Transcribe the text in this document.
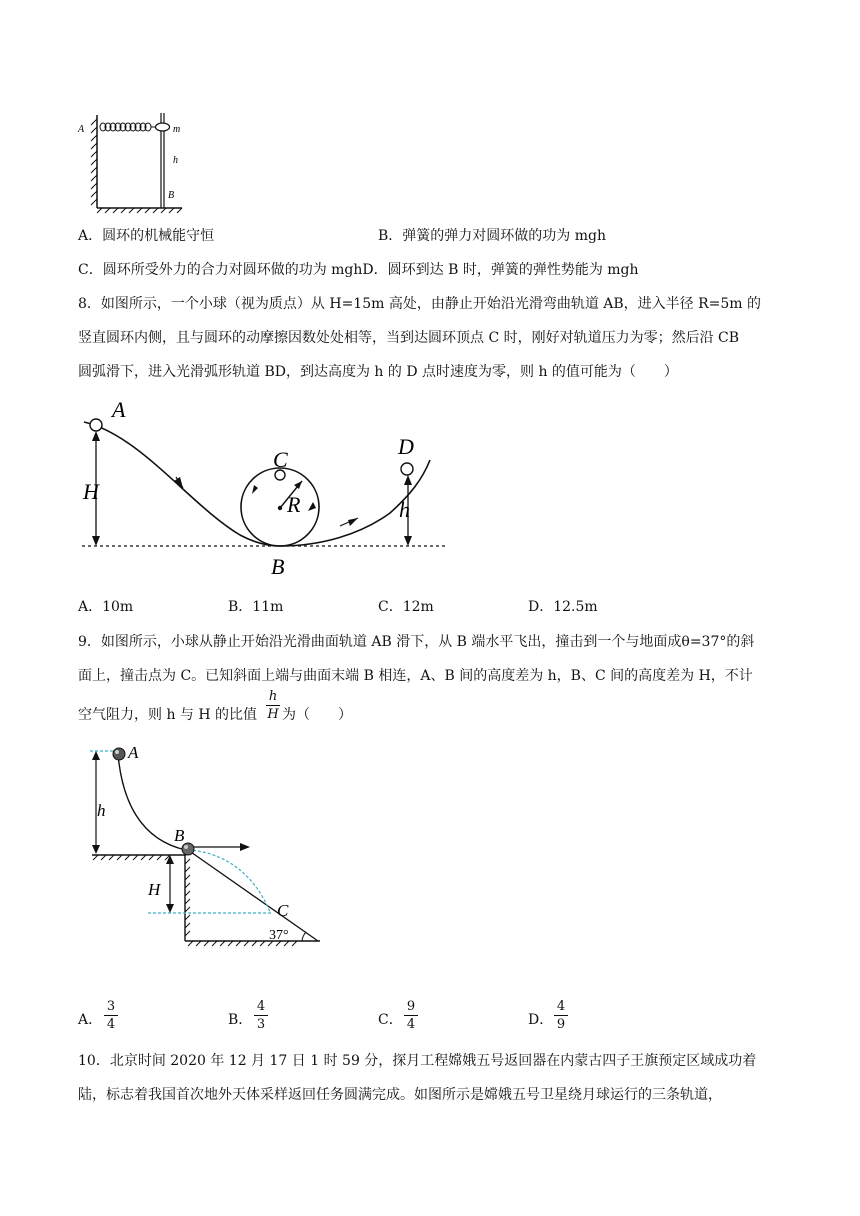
A	m
h
B
A．圆环的机械能守恒	B．弹簧的弹力对圆环做的功为 mgh
C．圆环所受外力的合力对圆环做的功为 mghD．圆环到达 B 时，弹簧的弹性势能为 mgh
8．如图所示，一个小球（视为质点）从 H=15m 高处，由静止开始沿光滑弯曲轨道 AB，进入半径 R=5m 的
竖直圆环内侧，且与圆环的动摩擦因数处处相等，当到达圆环顶点 C 时，刚好对轨道压力为零；然后沿 CB
圆弧滑下，进入光滑弧形轨道 BD，到达高度为 h 的 D 点时速度为零，则 h 的值可能为（　　）
A
H
C
R
D
h
B
A．10m	B．11m	C．12m	D．12.5m
9．如图所示，小球从静止开始沿光滑曲面轨道 AB 滑下，从 B 端水平飞出，撞击到一个与地面成θ=37°的斜
面上，撞击点为 C。已知斜面上端与曲面末端 B 相连，A、B 间的高度差为 h，B、C 间的高度差为 H，不计
空气阻力，则 h 与 H 的比值
h
H 为（　　）
A
h
B
H
C
37°
A．
3
4	B．
4
3	C．
9
4	D．
4
9
10．北京时间 2020 年 12 月 17 日 1 时 59 分，探月工程嫦娥五号返回器在内蒙古四子王旗预定区域成功着
陆，标志着我国首次地外天体采样返回任务圆满完成。如图所示是嫦娥五号卫星绕月球运行的三条轨道，
